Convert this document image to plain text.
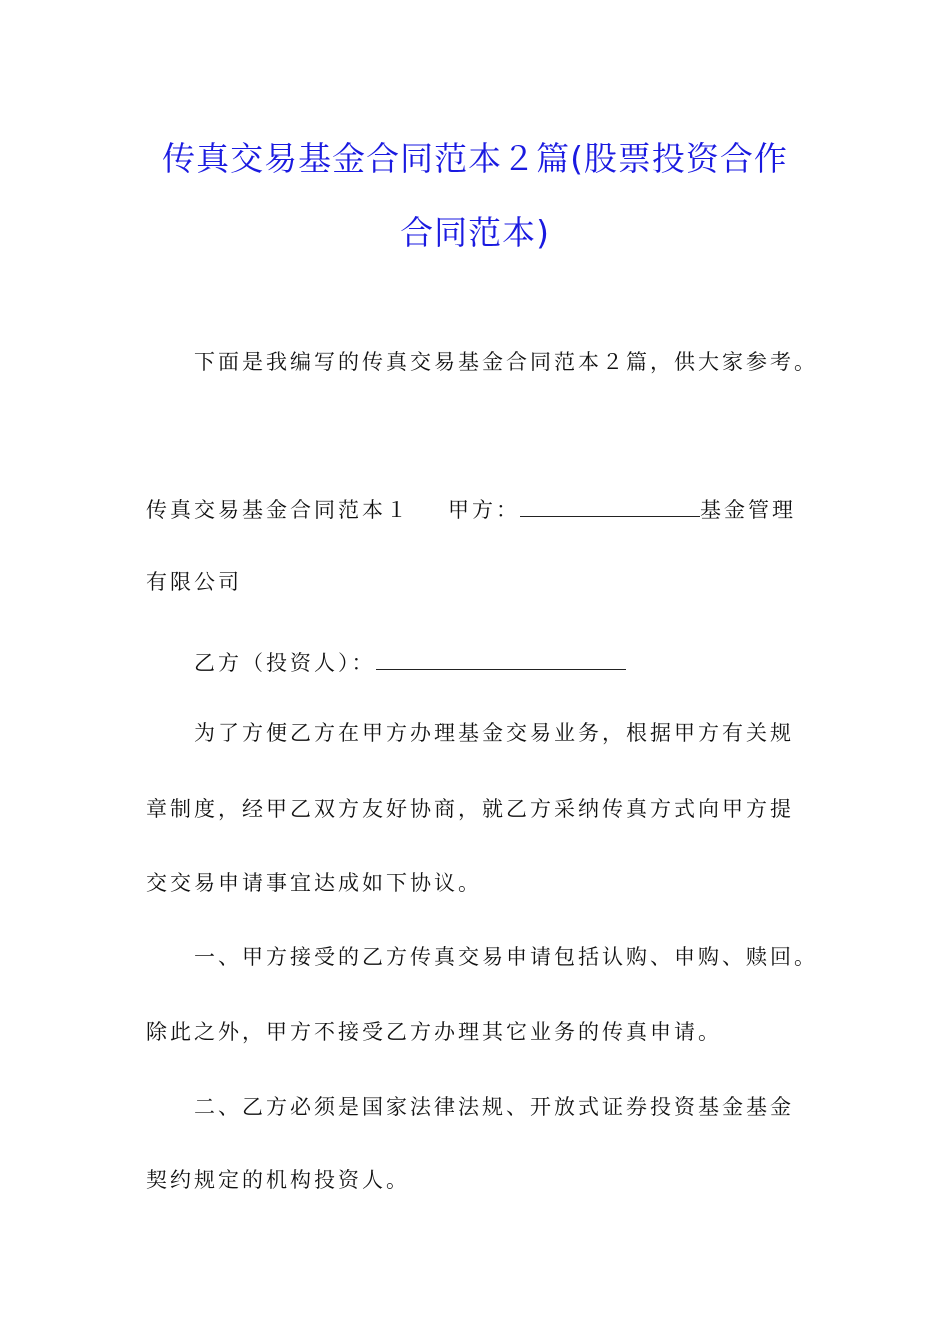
传真交易基金合同范本２篇(股票投资合作
合同范本)
下面是我编写的传真交易基金合同范本２篇，供大家参考。
传真交易基金合同范本１ 甲方：	基金管理
有限公司
乙方（投资人）：
为了方便乙方在甲方办理基金交易业务，根据甲方有关规
章制度，经甲乙双方友好协商，就乙方采纳传真方式向甲方提
交交易申请事宜达成如下协议。
一、甲方接受的乙方传真交易申请包括认购、申购、赎回。
除此之外，甲方不接受乙方办理其它业务的传真申请。
二、乙方必须是国家法律法规、开放式证券投资基金基金
契约规定的机构投资人。
